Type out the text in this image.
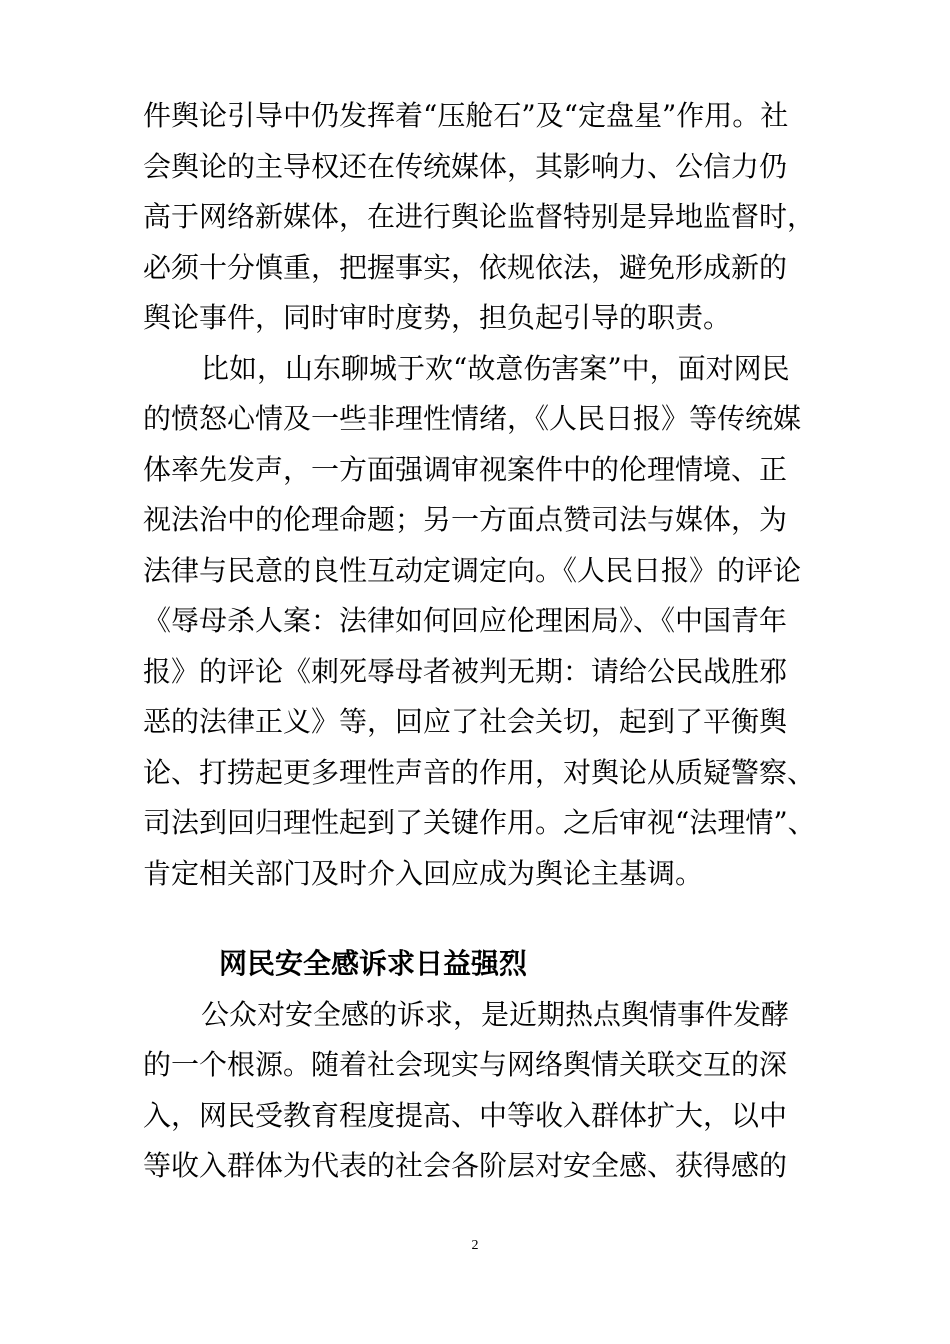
件舆论引导中仍发挥着“压舱石”及“定盘星”作用。社
会舆论的主导权还在传统媒体，其影响力、公信力仍
高于网络新媒体，在进行舆论监督特别是异地监督时，
必须十分慎重，把握事实，依规依法，避免形成新的
舆论事件，同时审时度势，担负起引导的职责。
比如，山东聊城于欢“故意伤害案”中，面对网民
的愤怒心情及一些非理性情绪，《人民日报》等传统媒
体率先发声，一方面强调审视案件中的伦理情境、正
视法治中的伦理命题；另一方面点赞司法与媒体，为
法律与民意的良性互动定调定向。《人民日报》的评论
《辱母杀人案：法律如何回应伦理困局》、《中国青年
报》的评论《刺死辱母者被判无期：请给公民战胜邪
恶的法律正义》等，回应了社会关切，起到了平衡舆
论、打捞起更多理性声音的作用，对舆论从质疑警察、
司法到回归理性起到了关键作用。之后审视“法理情”、
肯定相关部门及时介入回应成为舆论主基调。
网民安全感诉求日益强烈
公众对安全感的诉求，是近期热点舆情事件发酵
的一个根源。随着社会现实与网络舆情关联交互的深
入，网民受教育程度提高、中等收入群体扩大，以中
等收入群体为代表的社会各阶层对安全感、获得感的
2
